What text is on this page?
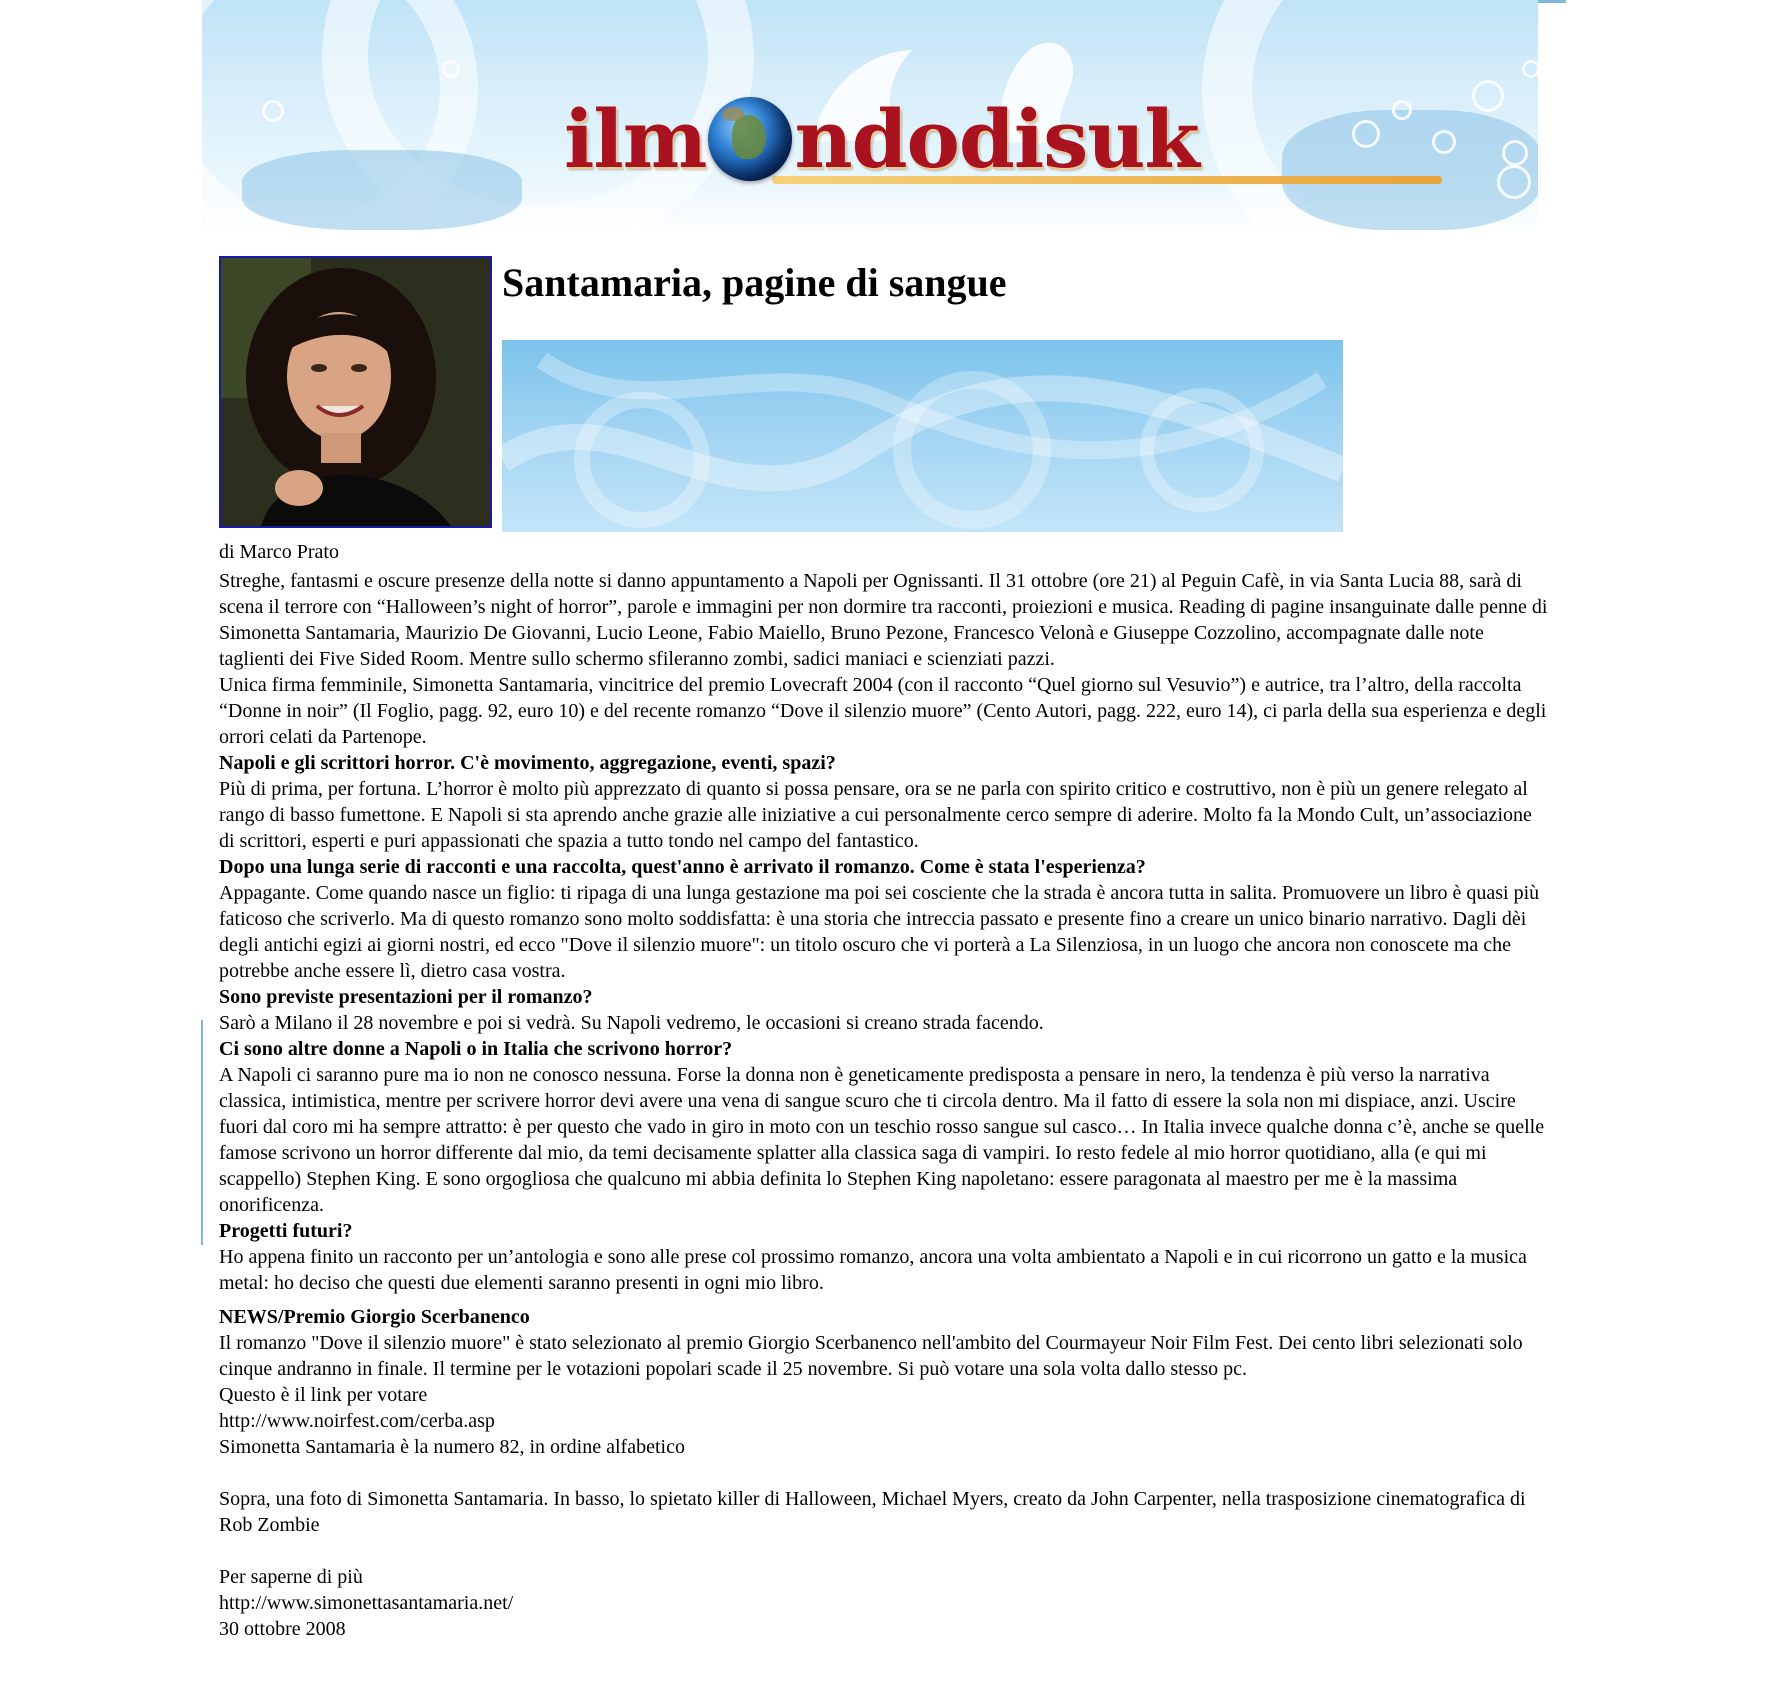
ilm ndodisuk
Santamaria, pagine di sangue
di Marco Prato

Streghe, fantasmi e oscure presenze della notte si danno appuntamento a Napoli per Ognissanti. Il 31 ottobre (ore 21) al Peguin Cafè, in via Santa Lucia 88, sarà di scena il terrore con “Halloween’s night of horror”, parole e immagini per non dormire tra racconti, proiezioni e musica. Reading di pagine insanguinate dalle penne di Simonetta Santamaria, Maurizio De Giovanni, Lucio Leone, Fabio Maiello, Bruno Pezone, Francesco Velonà e Giuseppe Cozzolino, accompagnate dalle note taglienti dei Five Sided Room. Mentre sullo schermo sfileranno zombi, sadici maniaci e scienziati pazzi.

Unica firma femminile, Simonetta Santamaria, vincitrice del premio Lovecraft 2004 (con il racconto “Quel giorno sul Vesuvio”) e autrice, tra l’altro, della raccolta “Donne in noir” (Il Foglio, pagg. 92, euro 10) e del recente romanzo “Dove il silenzio muore” (Cento Autori, pagg. 222, euro 14), ci parla della sua esperienza e degli orrori celati da Partenope.

Napoli e gli scrittori horror. C'è movimento, aggregazione, eventi, spazi?

Più di prima, per fortuna. L’horror è molto più apprezzato di quanto si possa pensare, ora se ne parla con spirito critico e costruttivo, non è più un genere relegato al rango di basso fumettone. E Napoli si sta aprendo anche grazie alle iniziative a cui personalmente cerco sempre di aderire. Molto fa la Mondo Cult, un’associazione di scrittori, esperti e puri appassionati che spazia a tutto tondo nel campo del fantastico.

Dopo una lunga serie di racconti e una raccolta, quest'anno è arrivato il romanzo. Come è stata l'esperienza?

Appagante. Come quando nasce un figlio: ti ripaga di una lunga gestazione ma poi sei cosciente che la strada è ancora tutta in salita. Promuovere un libro è quasi più faticoso che scriverlo. Ma di questo romanzo sono molto soddisfatta: è una storia che intreccia passato e presente fino a creare un unico binario narrativo. Dagli dèi degli antichi egizi ai giorni nostri, ed ecco "Dove il silenzio muore": un titolo oscuro che vi porterà a La Silenziosa, in un luogo che ancora non conoscete ma che potrebbe anche essere lì, dietro casa vostra.

Sono previste presentazioni per il romanzo?

Sarò a Milano il 28 novembre e poi si vedrà. Su Napoli vedremo, le occasioni si creano strada facendo.

Ci sono altre donne a Napoli o in Italia che scrivono horror?

A Napoli ci saranno pure ma io non ne conosco nessuna. Forse la donna non è geneticamente predisposta a pensare in nero, la tendenza è più verso la narrativa classica, intimistica, mentre per scrivere horror devi avere una vena di sangue scuro che ti circola dentro. Ma il fatto di essere la sola non mi dispiace, anzi. Uscire fuori dal coro mi ha sempre attratto: è per questo che vado in giro in moto con un teschio rosso sangue sul casco… In Italia invece qualche donna c’è, anche se quelle famose scrivono un horror differente dal mio, da temi decisamente splatter alla classica saga di vampiri. Io resto fedele al mio horror quotidiano, alla (e qui mi scappello) Stephen King. E sono orgogliosa che qualcuno mi abbia definita lo Stephen King napoletano: essere paragonata al maestro per me è la massima onorificenza.

Progetti futuri?

Ho appena finito un racconto per un’antologia e sono alle prese col prossimo romanzo, ancora una volta ambientato a Napoli e in cui ricorrono un gatto e la musica metal: ho deciso che questi due elementi saranno presenti in ogni mio libro.

NEWS/Premio Giorgio Scerbanenco

Il romanzo "Dove il silenzio muore" è stato selezionato al premio Giorgio Scerbanenco nell'ambito del Courmayeur Noir Film Fest. Dei cento libri selezionati solo cinque andranno in finale. Il termine per le votazioni popolari scade il 25 novembre. Si può votare una sola volta dallo stesso pc.

Questo è il link per votare

http://www.noirfest.com/cerba.asp

Simonetta Santamaria è la numero 82, in ordine alfabetico

Sopra, una foto di Simonetta Santamaria. In basso, lo spietato killer di Halloween, Michael Myers, creato da John Carpenter, nella trasposizione cinematografica di Rob Zombie

Per saperne di più

http://www.simonettasantamaria.net/

30 ottobre 2008
